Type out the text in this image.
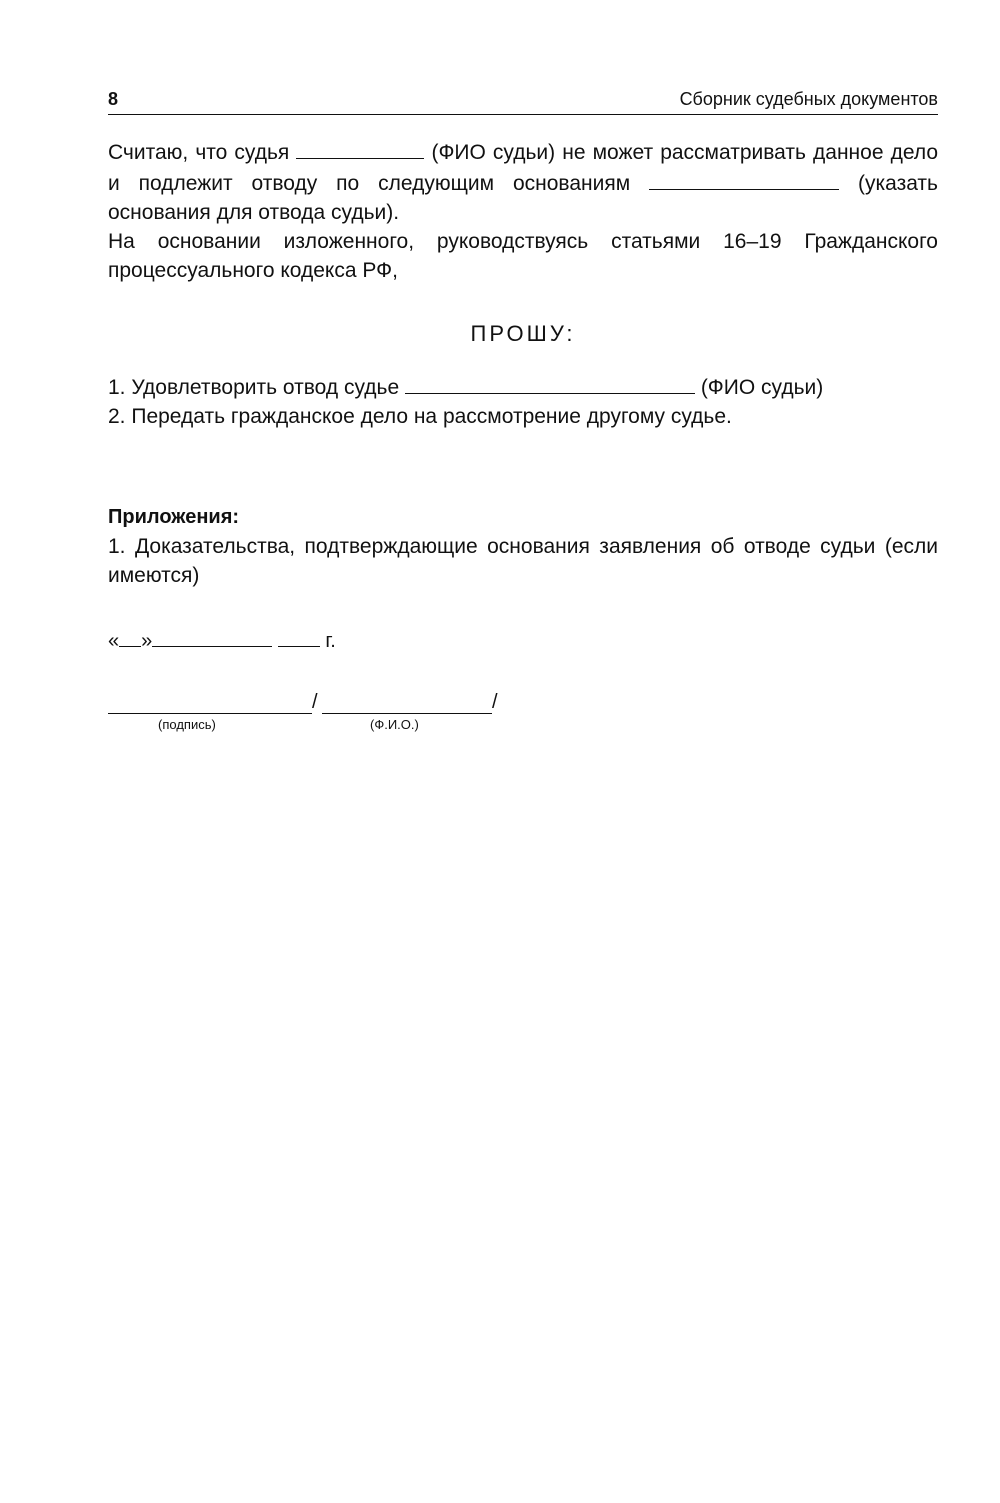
8	Сборник судебных документов

Считаю, что судья	(ФИО судьи) не может рассматривать данное дело и подлежит отводу по следующим основаниям	(указать основания для отвода судьи).

На основании изложенного, руководствуясь статьями 16–19 Гражданского процессуального кодекса РФ,

ПРОШУ:

1. Удовлетворить отвод судье	(ФИО судьи)

2. Передать гражданское дело на рассмотрение другому судье.

Приложения:

1. Доказательства, подтверждающие основания заявления об отводе судьи (если имеются)

« »	г.
/	/
(подпись)	(Ф.И.О.)
